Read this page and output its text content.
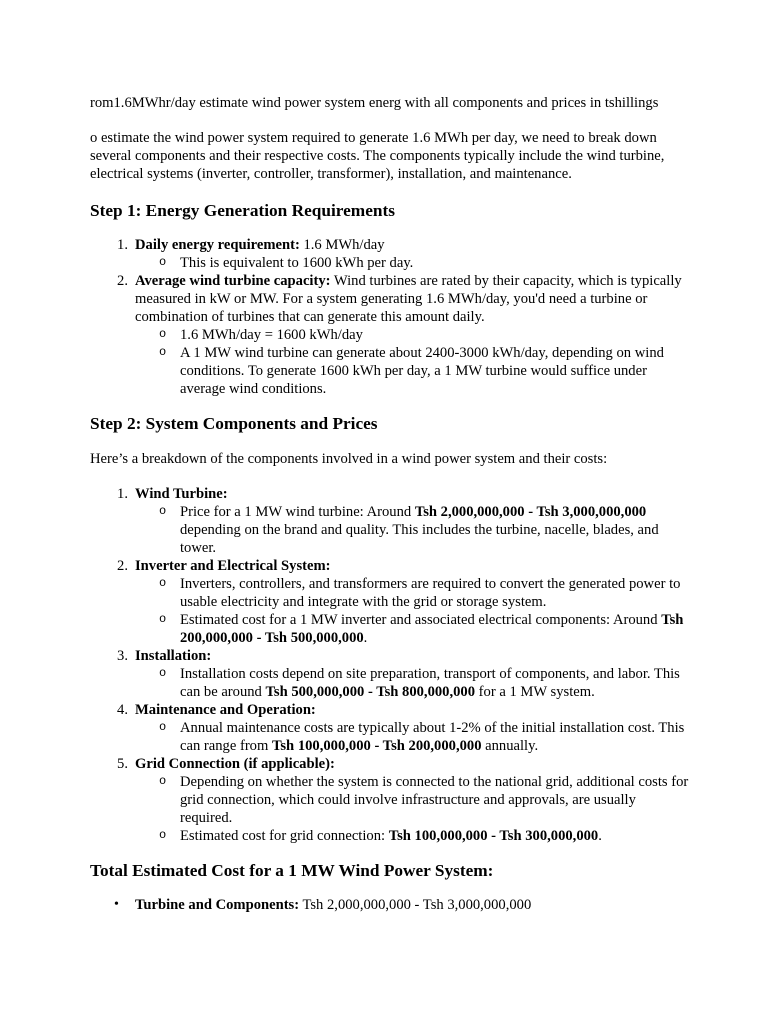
rom1.6MWhr/day estimate wind power system energ with all components and prices in tshillings

o estimate the wind power system required to generate 1.6 MWh per day, we need to break down several components and their respective costs. The components typically include the wind turbine, electrical systems (inverter, controller, transformer), installation, and maintenance.

Step 1: Energy Generation Requirements
1. Daily energy requirement: 1.6 MWh/day
o This is equivalent to 1600 kWh per day.
2. Average wind turbine capacity: Wind turbines are rated by their capacity, which is typically measured in kW or MW. For a system generating 1.6 MWh/day, you'd need a turbine or combination of turbines that can generate this amount daily.
o 1.6 MWh/day = 1600 kWh/day
o A 1 MW wind turbine can generate about 2400-3000 kWh/day, depending on wind conditions. To generate 1600 kWh per day, a 1 MW turbine would suffice under average wind conditions.
Step 2: System Components and Prices

Here’s a breakdown of the components involved in a wind power system and their costs:

1. Wind Turbine:
o Price for a 1 MW wind turbine: Around Tsh 2,000,000,000 - Tsh 3,000,000,000 depending on the brand and quality. This includes the turbine, nacelle, blades, and tower.
2. Inverter and Electrical System:
o Inverters, controllers, and transformers are required to convert the generated power to usable electricity and integrate with the grid or storage system.
o Estimated cost for a 1 MW inverter and associated electrical components: Around Tsh 200,000,000 - Tsh 500,000,000.
3. Installation:
o Installation costs depend on site preparation, transport of components, and labor. This can be around Tsh 500,000,000 - Tsh 800,000,000 for a 1 MW system.
4. Maintenance and Operation:
o Annual maintenance costs are typically about 1-2% of the initial installation cost. This can range from Tsh 100,000,000 - Tsh 200,000,000 annually.
5. Grid Connection (if applicable):
o Depending on whether the system is connected to the national grid, additional costs for grid connection, which could involve infrastructure and approvals, are usually required.
o Estimated cost for grid connection: Tsh 100,000,000 - Tsh 300,000,000.
Total Estimated Cost for a 1 MW Wind Power System:
• Turbine and Components: Tsh 2,000,000,000 - Tsh 3,000,000,000
